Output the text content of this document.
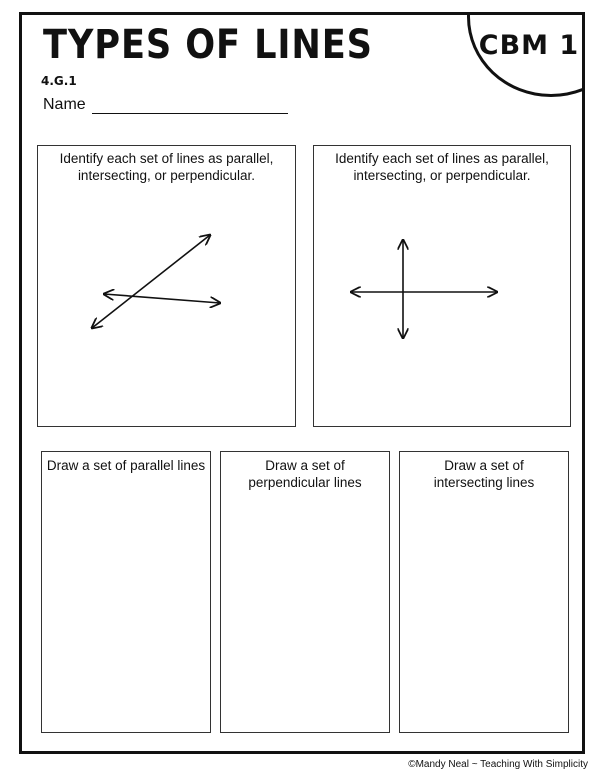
CBM 1
TYPES OF LINES
4.G.1
Name
Identify each set of lines as parallel, intersecting, or perpendicular.
Identify each set of lines as parallel, intersecting, or perpendicular.
Draw a set of parallel lines	Draw a set of perpendicular lines
Draw a set of intersecting lines
©Mandy Neal ~ Teaching With Simplicity
